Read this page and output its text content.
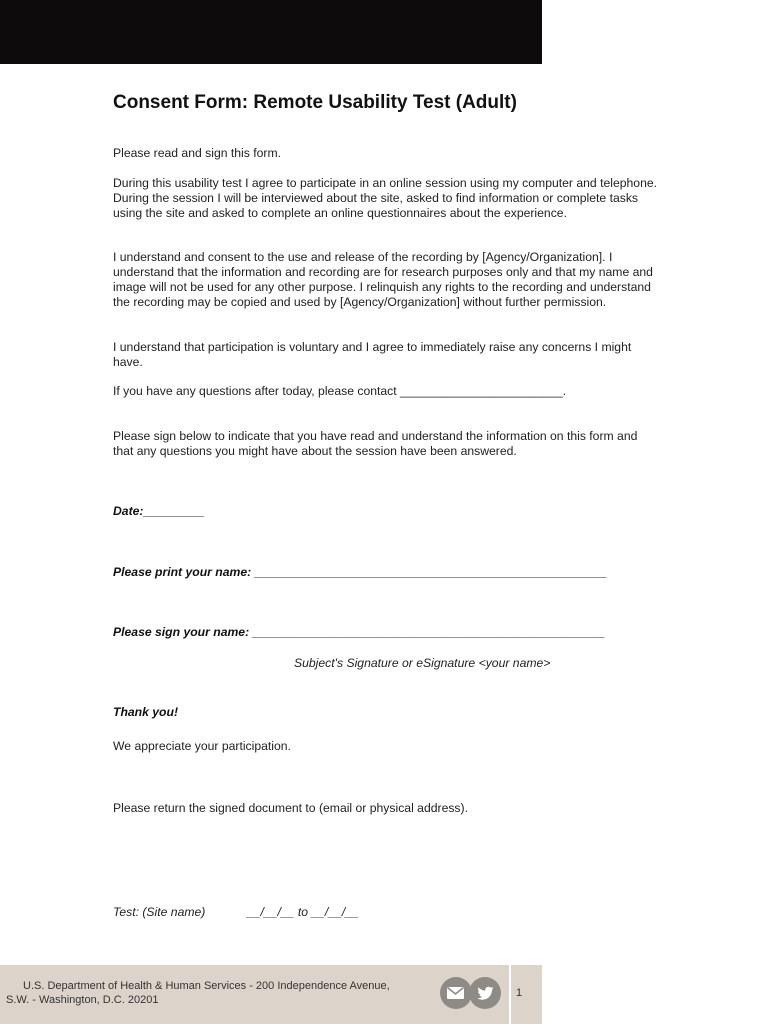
Consent Form: Remote Usability Test (Adult)

Please read and sign this form.

During this usability test I agree to participate in an online session using my computer and telephone. During the session I will be interviewed about the site, asked to find information or complete tasks using the site and asked to complete an online questionnaires about the experience.

I understand and consent to the use and release of the recording by [Agency/Organization]. I understand that the information and recording are for research purposes only and that my name and image will not be used for any other purpose. I relinquish any rights to the recording and understand the recording may be copied and used by [Agency/Organization] without further permission.

I understand that participation is voluntary and I agree to immediately raise any concerns I might have.

If you have any questions after today, please contact ________________________.

Please sign below to indicate that you have read and understand the information on this form and that any questions you might have about the session have been answered.

Date:_________

Please print your name: ____________________________________________________

Please sign your name: ____________________________________________________

Subject's Signature or eSignature <your name>

Thank you!

We appreciate your participation.

Please return the signed document to (email or physical address).

Test: (Site name)	__/__/__ to __/__/__
U.S. Department of Health & Human Services - 200 Independence Avenue,
S.W. - Washington, D.C. 20201
1
